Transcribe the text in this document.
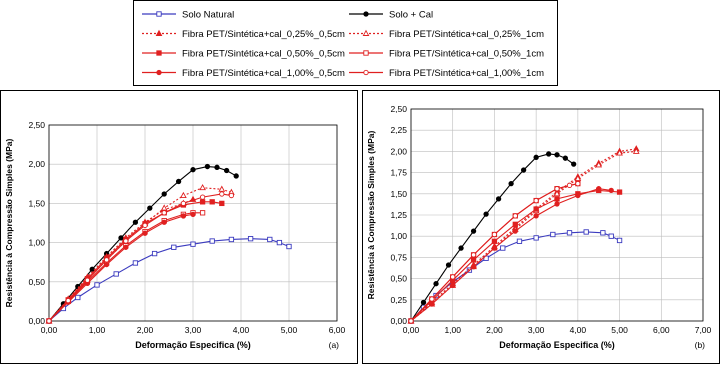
Solo Natural	Solo + Cal
Fibra PET/Sintética+cal_0,25%_0,5cm	Fibra PET/Sintética+cal_0,25%_1cm
Fibra PET/Sintética+cal_0,50%_0,5cm	Fibra PET/Sintética+cal_0,50%_1cm
Fibra PET/Sintética+cal_1,00%_0,5cm	Fibra PET/Sintética+cal_1,00%_1cm
0,00
0,50
1,00
1,50
2,00
2,50
0,00	1,00	2,00	3,00	4,00	5,00	6,00
Deformação Especifica (%)
Resistência à Compressão Simples (MPa)
(a)
0,00
0,25
0,50
0,75
1,00
1,25
1,50
1,75
2,00
2,25
2,50
0,00	1,00	2,00	3,00	4,00	5,00	6,00	7,00
Deformação Especifica (%)
Resistência à Compressão Simples (MPa)
(b)
